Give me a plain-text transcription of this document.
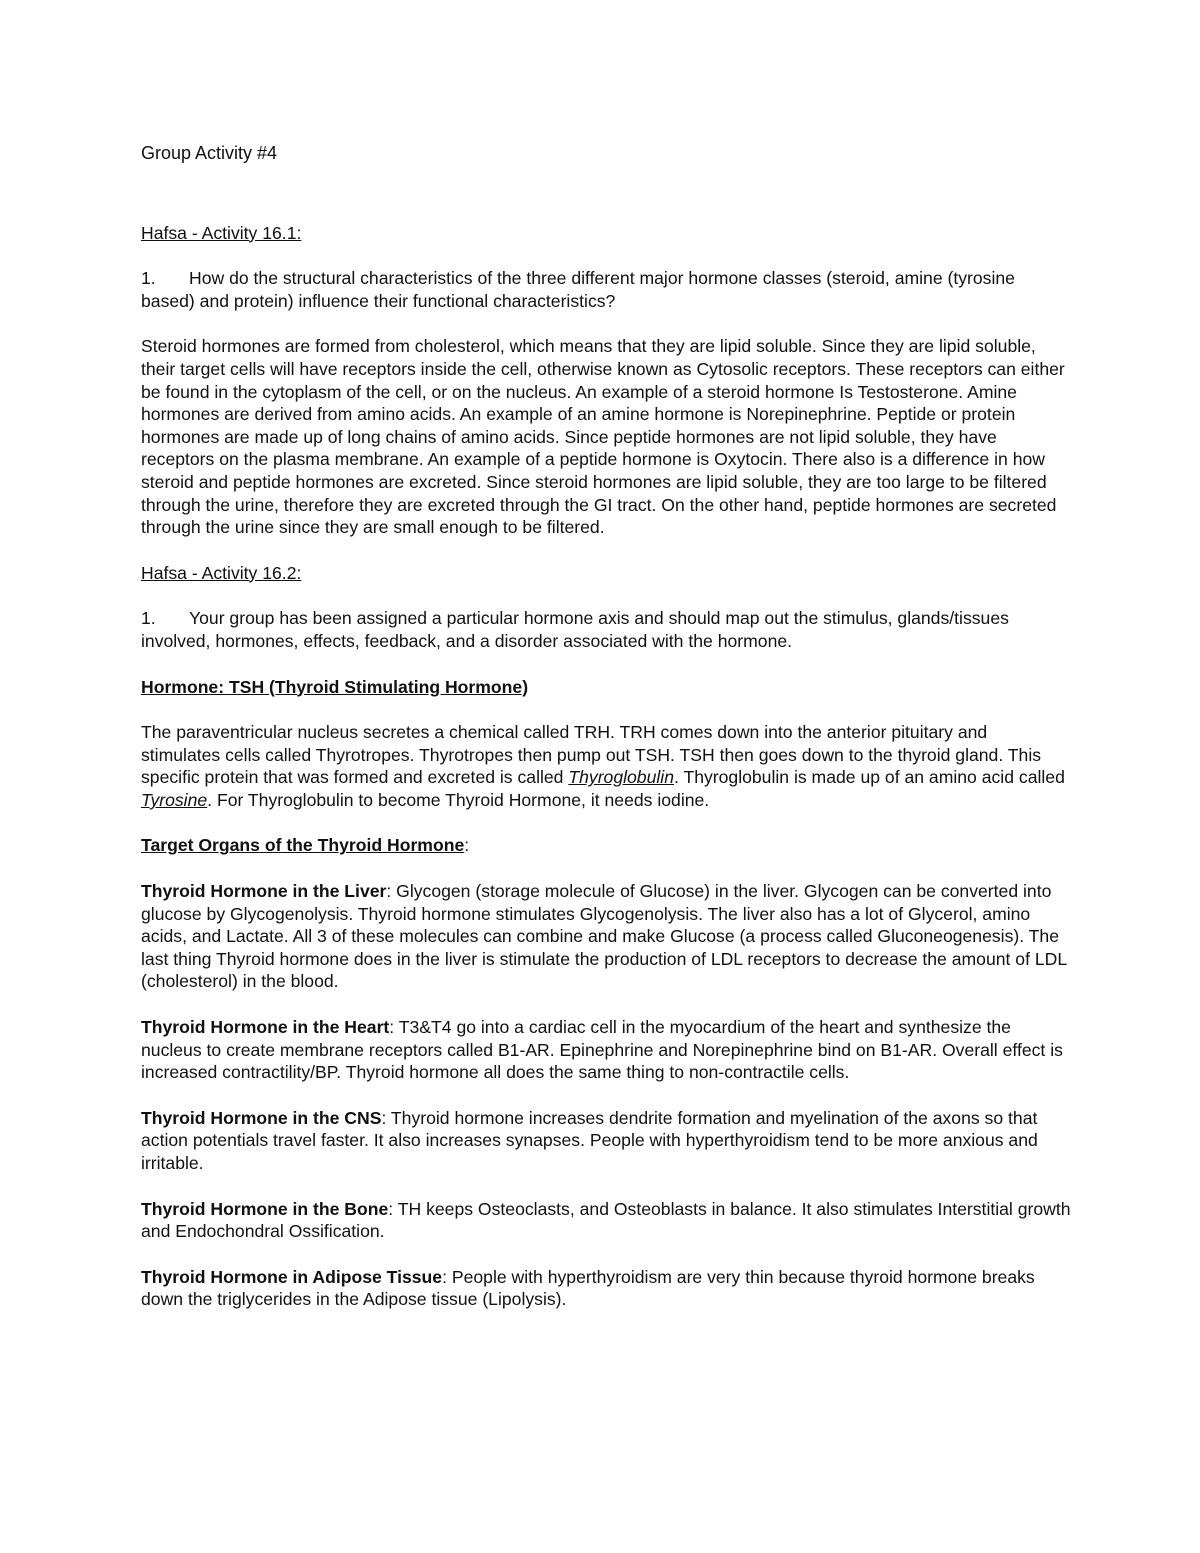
Group Activity #4

Hafsa - Activity 16.1:

1. How do the structural characteristics of the three different major hormone classes (steroid, amine (tyrosine based) and protein) influence their functional characteristics?

Steroid hormones are formed from cholesterol, which means that they are lipid soluble. Since they are lipid soluble, their target cells will have receptors inside the cell, otherwise known as Cytosolic receptors. These receptors can either be found in the cytoplasm of the cell, or on the nucleus. An example of a steroid hormone Is Testosterone. Amine hormones are derived from amino acids. An example of an amine hormone is Norepinephrine. Peptide or protein hormones are made up of long chains of amino acids. Since peptide hormones are not lipid soluble, they have receptors on the plasma membrane. An example of a peptide hormone is Oxytocin. There also is a difference in how steroid and peptide hormones are excreted. Since steroid hormones are lipid soluble, they are too large to be filtered through the urine, therefore they are excreted through the GI tract. On the other hand, peptide hormones are secreted through the urine since they are small enough to be filtered.

Hafsa - Activity 16.2:

1. Your group has been assigned a particular hormone axis and should map out the stimulus, glands/tissues involved, hormones, effects, feedback, and a disorder associated with the hormone.

Hormone: TSH (Thyroid Stimulating Hormone)

The paraventricular nucleus secretes a chemical called TRH. TRH comes down into the anterior pituitary and stimulates cells called Thyrotropes. Thyrotropes then pump out TSH. TSH then goes down to the thyroid gland. This specific protein that was formed and excreted is called Thyroglobulin. Thyroglobulin is made up of an amino acid called Tyrosine. For Thyroglobulin to become Thyroid Hormone, it needs iodine.

Target Organs of the Thyroid Hormone:

Thyroid Hormone in the Liver: Glycogen (storage molecule of Glucose) in the liver. Glycogen can be converted into glucose by Glycogenolysis. Thyroid hormone stimulates Glycogenolysis. The liver also has a lot of Glycerol, amino acids, and Lactate. All 3 of these molecules can combine and make Glucose (a process called Gluconeogenesis). The last thing Thyroid hormone does in the liver is stimulate the production of LDL receptors to decrease the amount of LDL (cholesterol) in the blood.

Thyroid Hormone in the Heart: T3&T4 go into a cardiac cell in the myocardium of the heart and synthesize the nucleus to create membrane receptors called B1-AR. Epinephrine and Norepinephrine bind on B1-AR. Overall effect is increased contractility/BP. Thyroid hormone all does the same thing to non-contractile cells.

Thyroid Hormone in the CNS: Thyroid hormone increases dendrite formation and myelination of the axons so that action potentials travel faster. It also increases synapses. People with hyperthyroidism tend to be more anxious and irritable.

Thyroid Hormone in the Bone: TH keeps Osteoclasts, and Osteoblasts in balance. It also stimulates Interstitial growth and Endochondral Ossification.

Thyroid Hormone in Adipose Tissue: People with hyperthyroidism are very thin because thyroid hormone breaks down the triglycerides in the Adipose tissue (Lipolysis).
